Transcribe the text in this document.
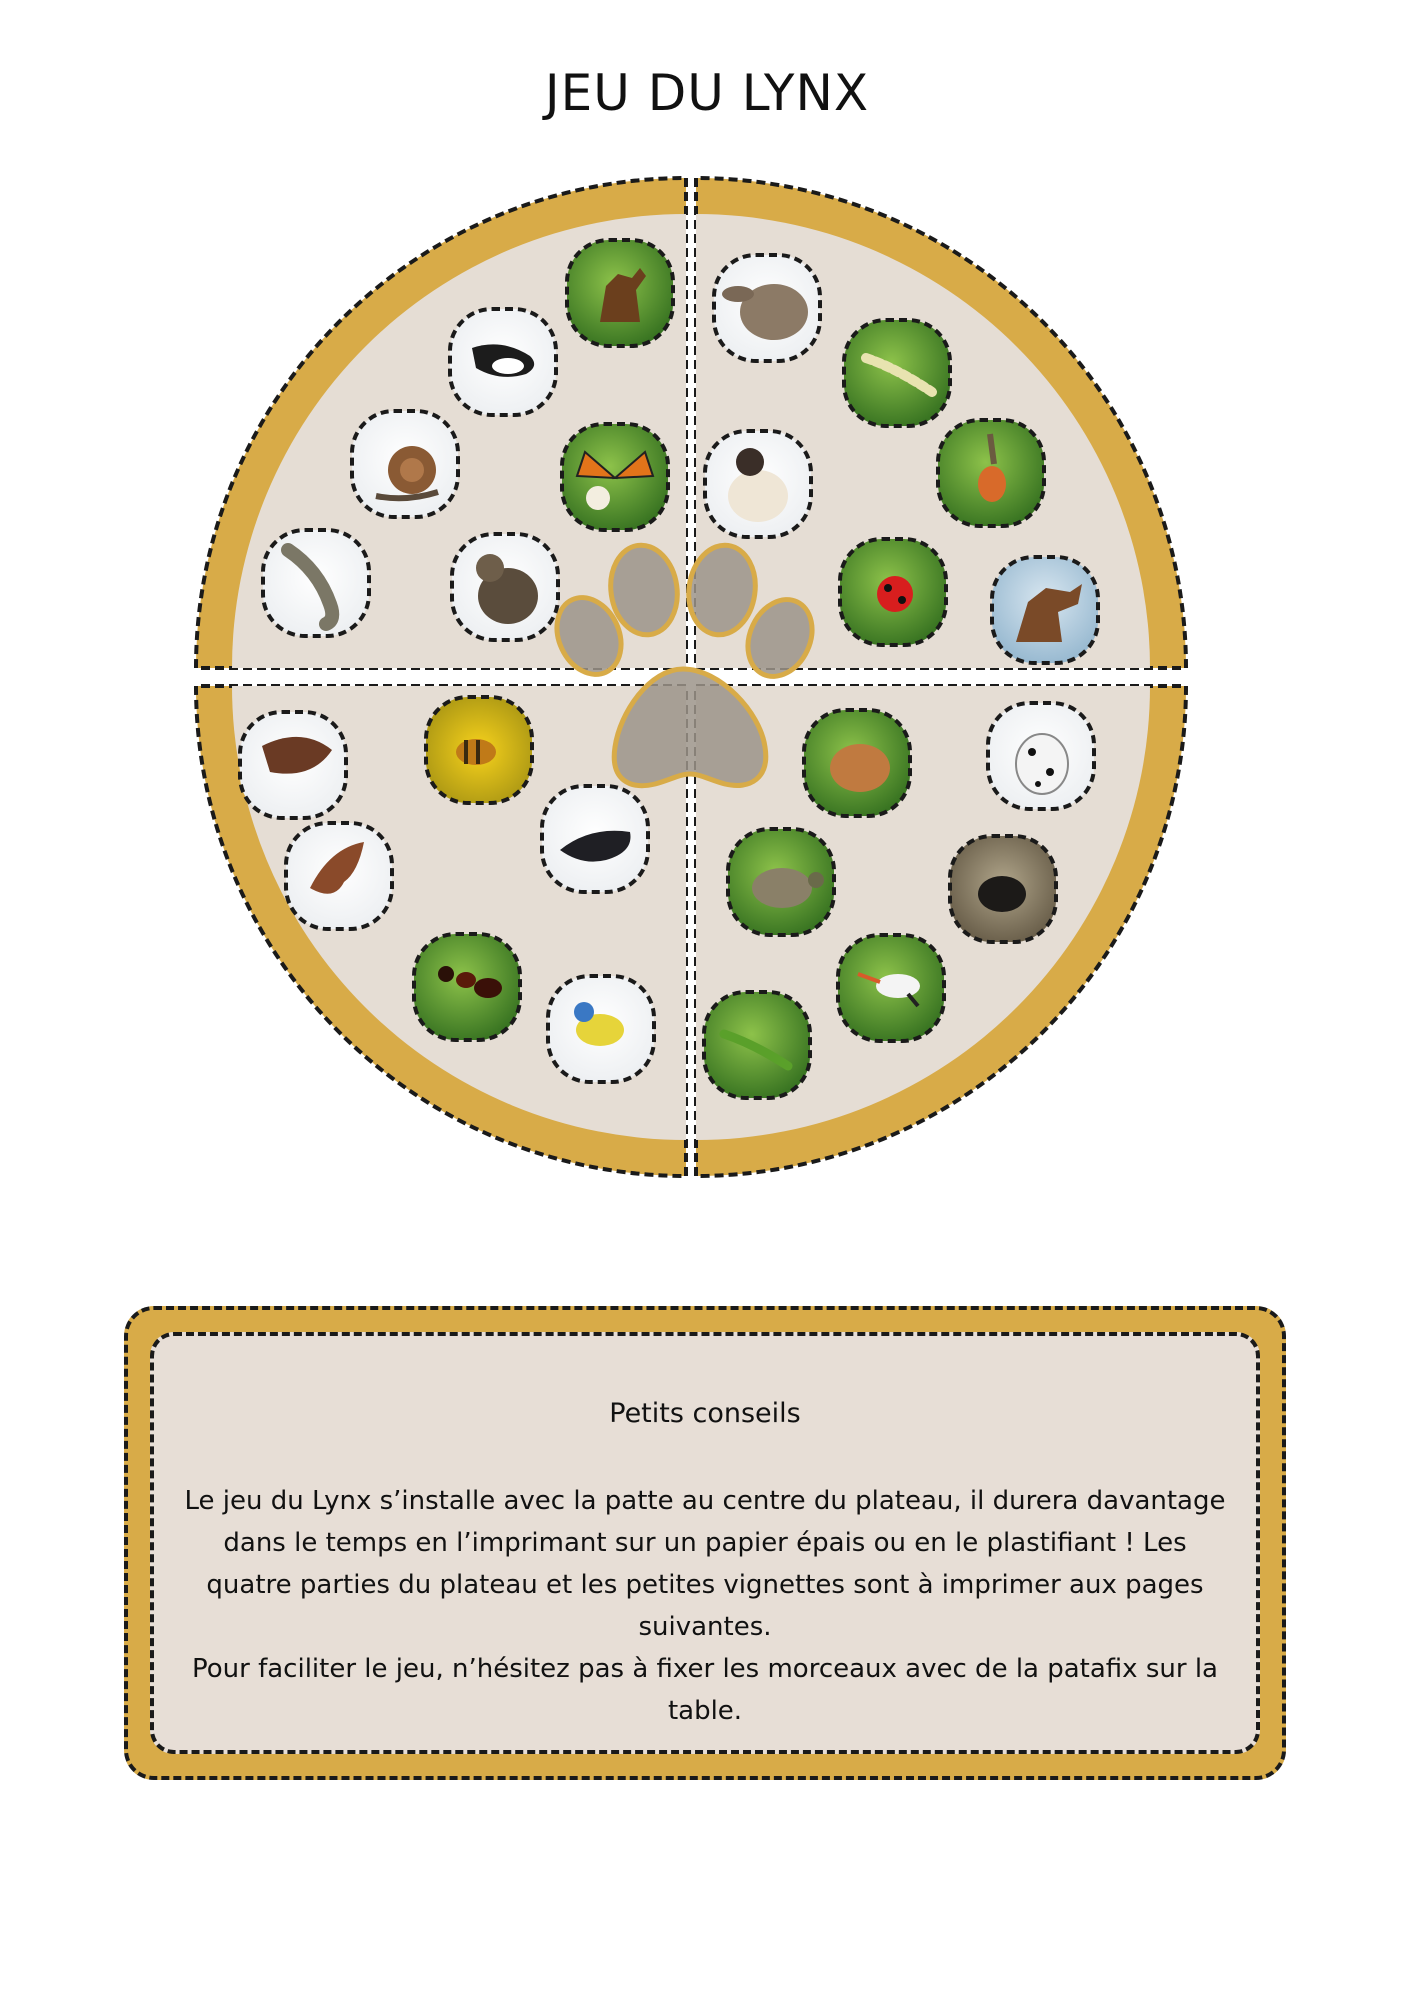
JEU DU LYNX
Petits conseils

Le jeu du Lynx s’installe avec la patte au centre du plateau, il durera davantage dans le temps en l’imprimant sur un papier épais ou en le plastifiant ! Les quatre parties du plateau et les petites vignettes sont à imprimer aux pages suivantes.

Pour faciliter le jeu, n’hésitez pas à fixer les morceaux avec de la patafix sur la table.
